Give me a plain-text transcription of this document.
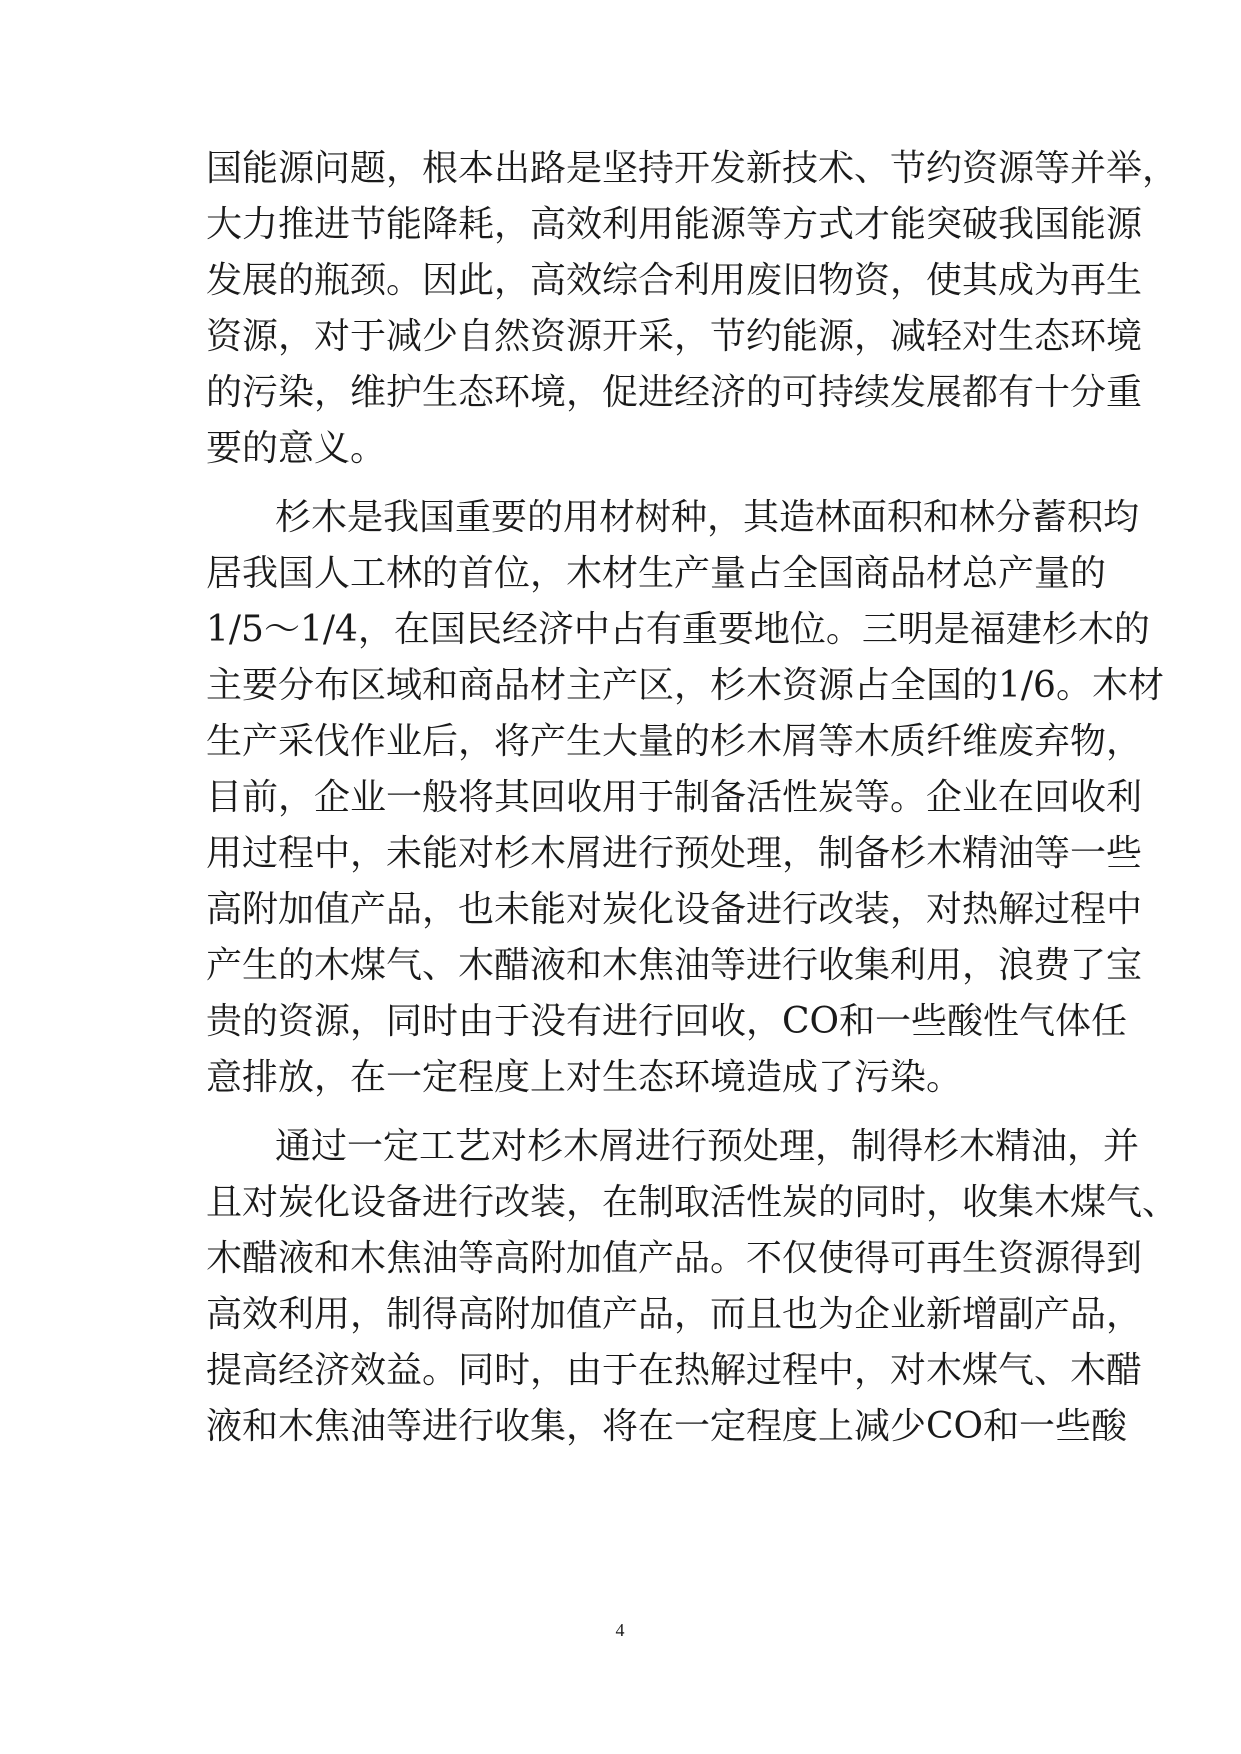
国能源问题，根本出路是坚持开发新技术、节约资源等并举，
大力推进节能降耗，高效利用能源等方式才能突破我国能源
发展的瓶颈。因此，高效综合利用废旧物资，使其成为再生
资源，对于减少自然资源开采，节约能源，减轻对生态环境
的污染，维护生态环境，促进经济的可持续发展都有十分重
要的意义。
杉木是我国重要的用材树种，其造林面积和林分蓄积均
居我国人工林的首位，木材生产量占全国商品材总产量的
1/5～1/4，在国民经济中占有重要地位。三明是福建杉木的
主要分布区域和商品材主产区，杉木资源占全国的1/6。木材
生产采伐作业后，将产生大量的杉木屑等木质纤维废弃物，
目前，企业一般将其回收用于制备活性炭等。企业在回收利
用过程中，未能对杉木屑进行预处理，制备杉木精油等一些
高附加值产品，也未能对炭化设备进行改装，对热解过程中
产生的木煤气、木醋液和木焦油等进行收集利用，浪费了宝
贵的资源，同时由于没有进行回收，CO和一些酸性气体任
意排放，在一定程度上对生态环境造成了污染。
通过一定工艺对杉木屑进行预处理，制得杉木精油，并
且对炭化设备进行改装，在制取活性炭的同时，收集木煤气、
木醋液和木焦油等高附加值产品。不仅使得可再生资源得到
高效利用，制得高附加值产品，而且也为企业新增副产品，
提高经济效益。同时，由于在热解过程中，对木煤气、木醋
液和木焦油等进行收集，将在一定程度上减少CO和一些酸
4
